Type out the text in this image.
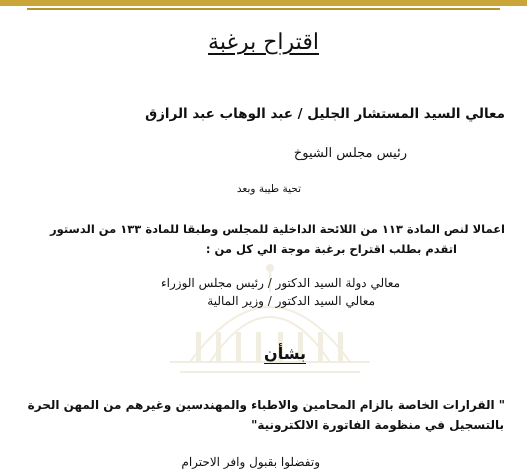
اقتراح برغبة
معالي السيد المستشار الجليل / عبد الوهاب عبد الرازق
رئيس مجلس الشيوخ
تحية طيبة وبعد
اعمالا لنص المادة ١١٣ من اللائحة الداخلية للمجلس وطبقا للمادة ١٣٣ من الدستور
اتقدم بطلب اقتراح برغبة موجة الي كل من :
معالي دولة السيد الدكتور / رئيس مجلس الوزراء
معالي السيد الدكتور / وزير المالية
بشأن
" القرارات الخاصة بالزام المحامين والاطباء والمهندسين وغيرهم من المهن الحرة
بالتسجيل في منظومة الفاتورة الالكترونية"
وتفضلوا بقبول وافر الاحترام
